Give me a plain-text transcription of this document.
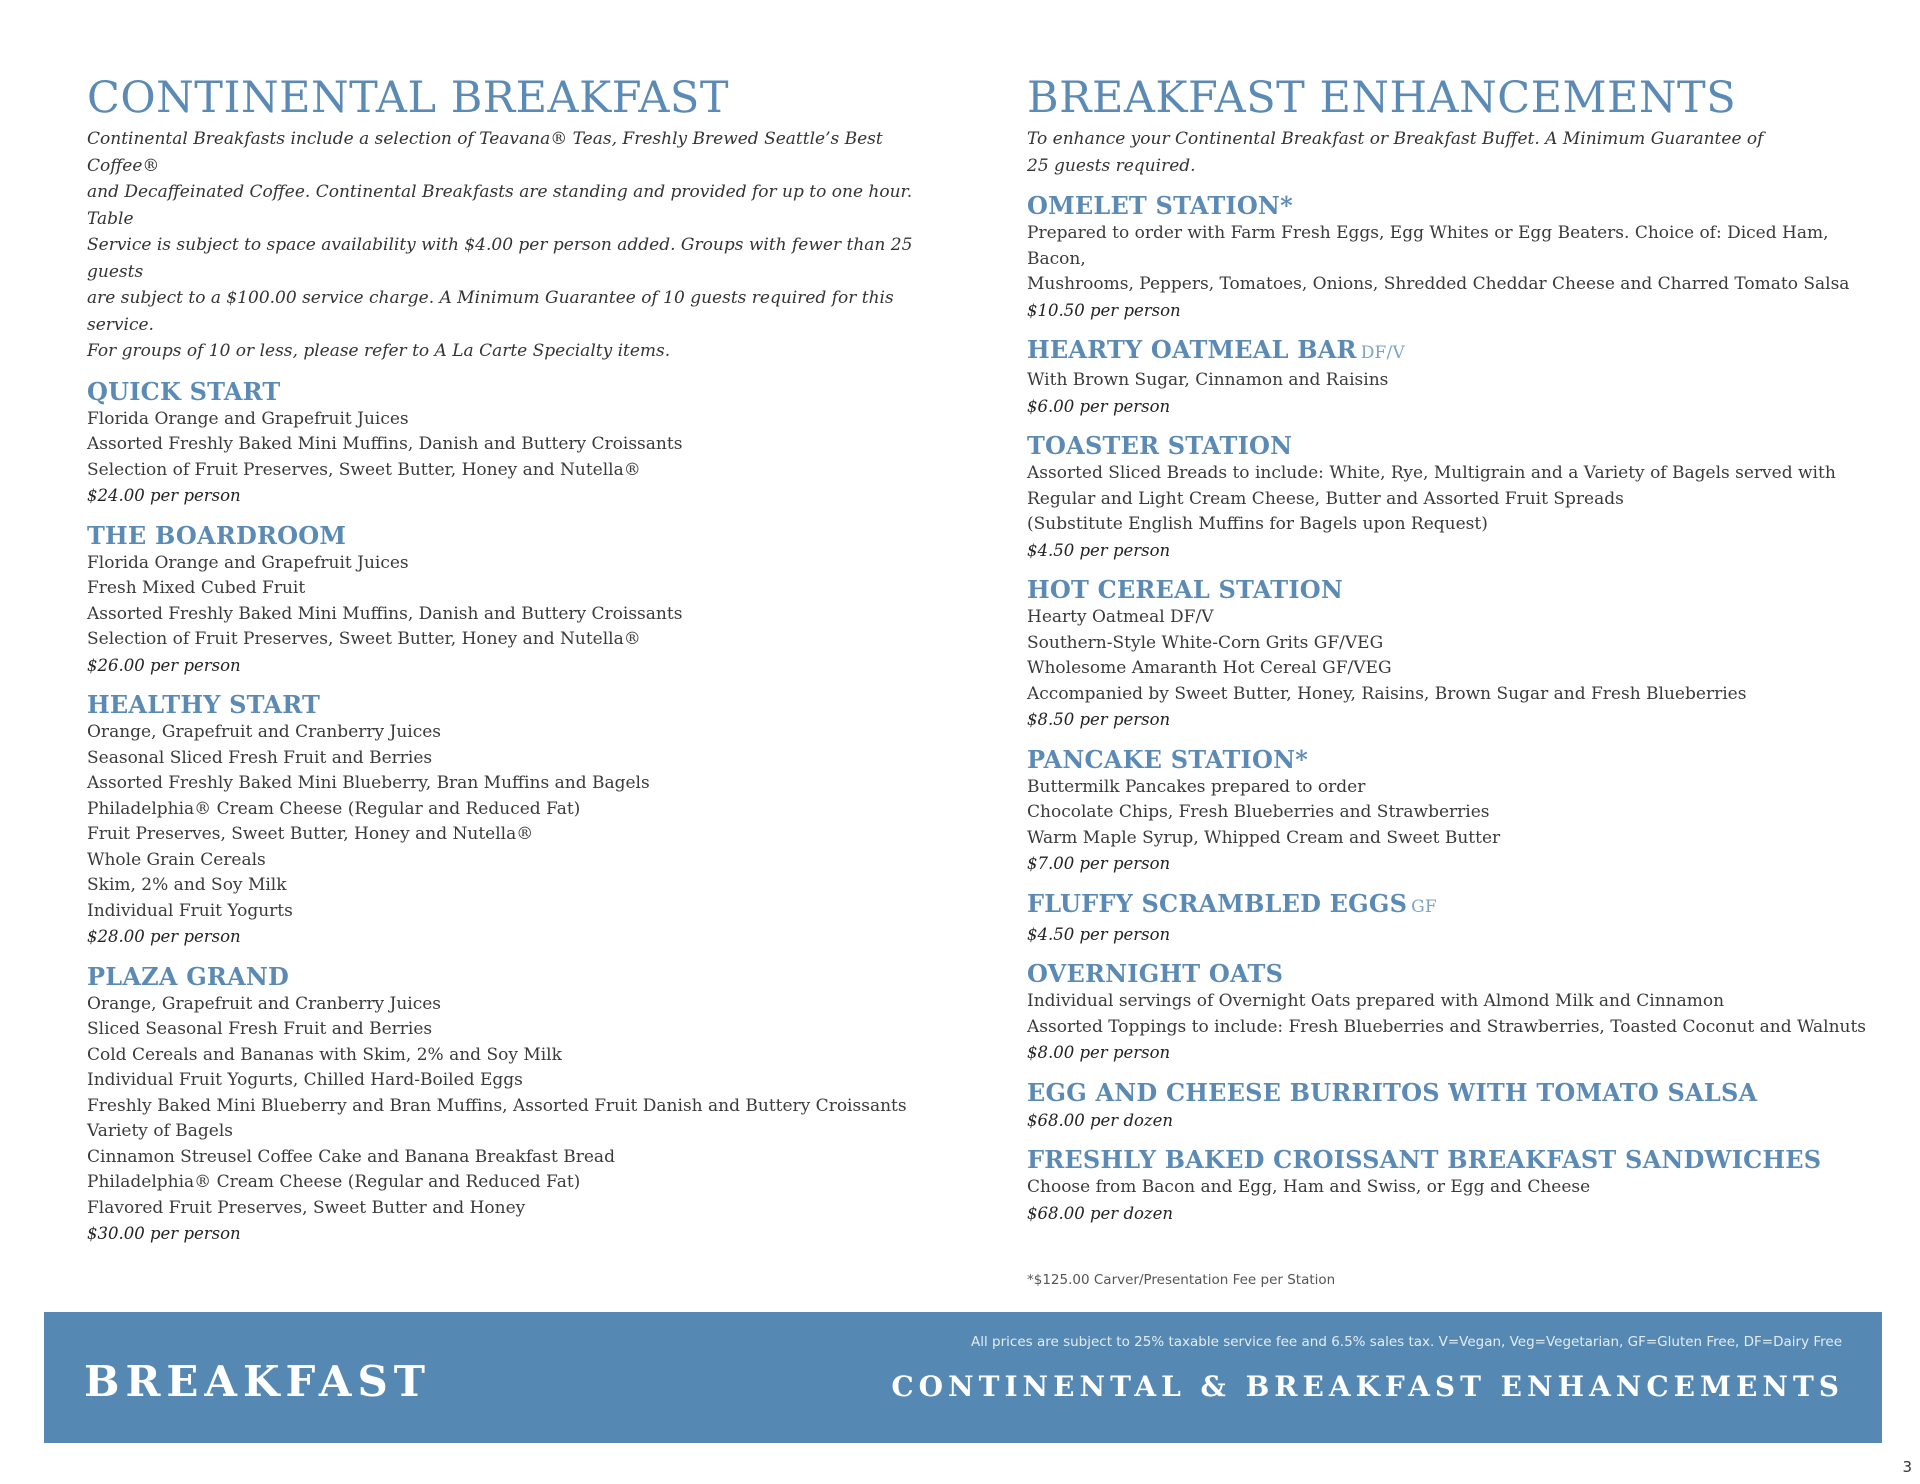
CONTINENTAL BREAKFAST
Continental Breakfasts include a selection of Teavana® Teas, Freshly Brewed Seattle’s Best Coffee®
and Decaffeinated Coffee. Continental Breakfasts are standing and provided for up to one hour. Table
Service is subject to space availability with $4.00 per person added. Groups with fewer than 25 guests
are subject to a $100.00 service charge. A Minimum Guarantee of 10 guests required for this service.
For groups of 10 or less, please refer to A La Carte Specialty items.
QUICK START
Florida Orange and Grapefruit Juices
Assorted Freshly Baked Mini Muffins, Danish and Buttery Croissants
Selection of Fruit Preserves, Sweet Butter, Honey and Nutella®
$24.00 per person
THE BOARDROOM
Florida Orange and Grapefruit Juices
Fresh Mixed Cubed Fruit
Assorted Freshly Baked Mini Muffins, Danish and Buttery Croissants
Selection of Fruit Preserves, Sweet Butter, Honey and Nutella®
$26.00 per person
HEALTHY START
Orange, Grapefruit and Cranberry Juices
Seasonal Sliced Fresh Fruit and Berries
Assorted Freshly Baked Mini Blueberry, Bran Muffins and Bagels
Philadelphia® Cream Cheese (Regular and Reduced Fat)
Fruit Preserves, Sweet Butter, Honey and Nutella®
Whole Grain Cereals
Skim, 2% and Soy Milk
Individual Fruit Yogurts
$28.00 per person
PLAZA GRAND
Orange, Grapefruit and Cranberry Juices
Sliced Seasonal Fresh Fruit and Berries
Cold Cereals and Bananas with Skim, 2% and Soy Milk
Individual Fruit Yogurts, Chilled Hard-Boiled Eggs
Freshly Baked Mini Blueberry and Bran Muffins, Assorted Fruit Danish and Buttery Croissants
Variety of Bagels
Cinnamon Streusel Coffee Cake and Banana Breakfast Bread
Philadelphia® Cream Cheese (Regular and Reduced Fat)
Flavored Fruit Preserves, Sweet Butter and Honey
$30.00 per person
BREAKFAST ENHANCEMENTS
To enhance your Continental Breakfast or Breakfast Buffet. A Minimum Guarantee of
25 guests required.
OMELET STATION*
Prepared to order with Farm Fresh Eggs, Egg Whites or Egg Beaters. Choice of: Diced Ham, Bacon,
Mushrooms, Peppers, Tomatoes, Onions, Shredded Cheddar Cheese and Charred Tomato Salsa
$10.50 per person
HEARTY OATMEAL BAR DF/V
With Brown Sugar, Cinnamon and Raisins
$6.00 per person
TOASTER STATION
Assorted Sliced Breads to include: White, Rye, Multigrain and a Variety of Bagels served with
Regular and Light Cream Cheese, Butter and Assorted Fruit Spreads
(Substitute English Muffins for Bagels upon Request)
$4.50 per person
HOT CEREAL STATION
Hearty Oatmeal DF/V
Southern-Style White-Corn Grits GF/VEG
Wholesome Amaranth Hot Cereal GF/VEG
Accompanied by Sweet Butter, Honey, Raisins, Brown Sugar and Fresh Blueberries
$8.50 per person
PANCAKE STATION*
Buttermilk Pancakes prepared to order
Chocolate Chips, Fresh Blueberries and Strawberries
Warm Maple Syrup, Whipped Cream and Sweet Butter
$7.00 per person
FLUFFY SCRAMBLED EGGS GF
$4.50 per person
OVERNIGHT OATS
Individual servings of Overnight Oats prepared with Almond Milk and Cinnamon
Assorted Toppings to include: Fresh Blueberries and Strawberries, Toasted Coconut and Walnuts
$8.00 per person
EGG AND CHEESE BURRITOS WITH TOMATO SALSA
$68.00 per dozen
FRESHLY BAKED CROISSANT BREAKFAST SANDWICHES
Choose from Bacon and Egg, Ham and Swiss, or Egg and Cheese
$68.00 per dozen
*$125.00 Carver/Presentation Fee per Station
BREAKFAST
All prices are subject to 25% taxable service fee and 6.5% sales tax. V=Vegan, Veg=Vegetarian, GF=Gluten Free, DF=Dairy Free
CONTINENTAL & BREAKFAST ENHANCEMENTS
3
